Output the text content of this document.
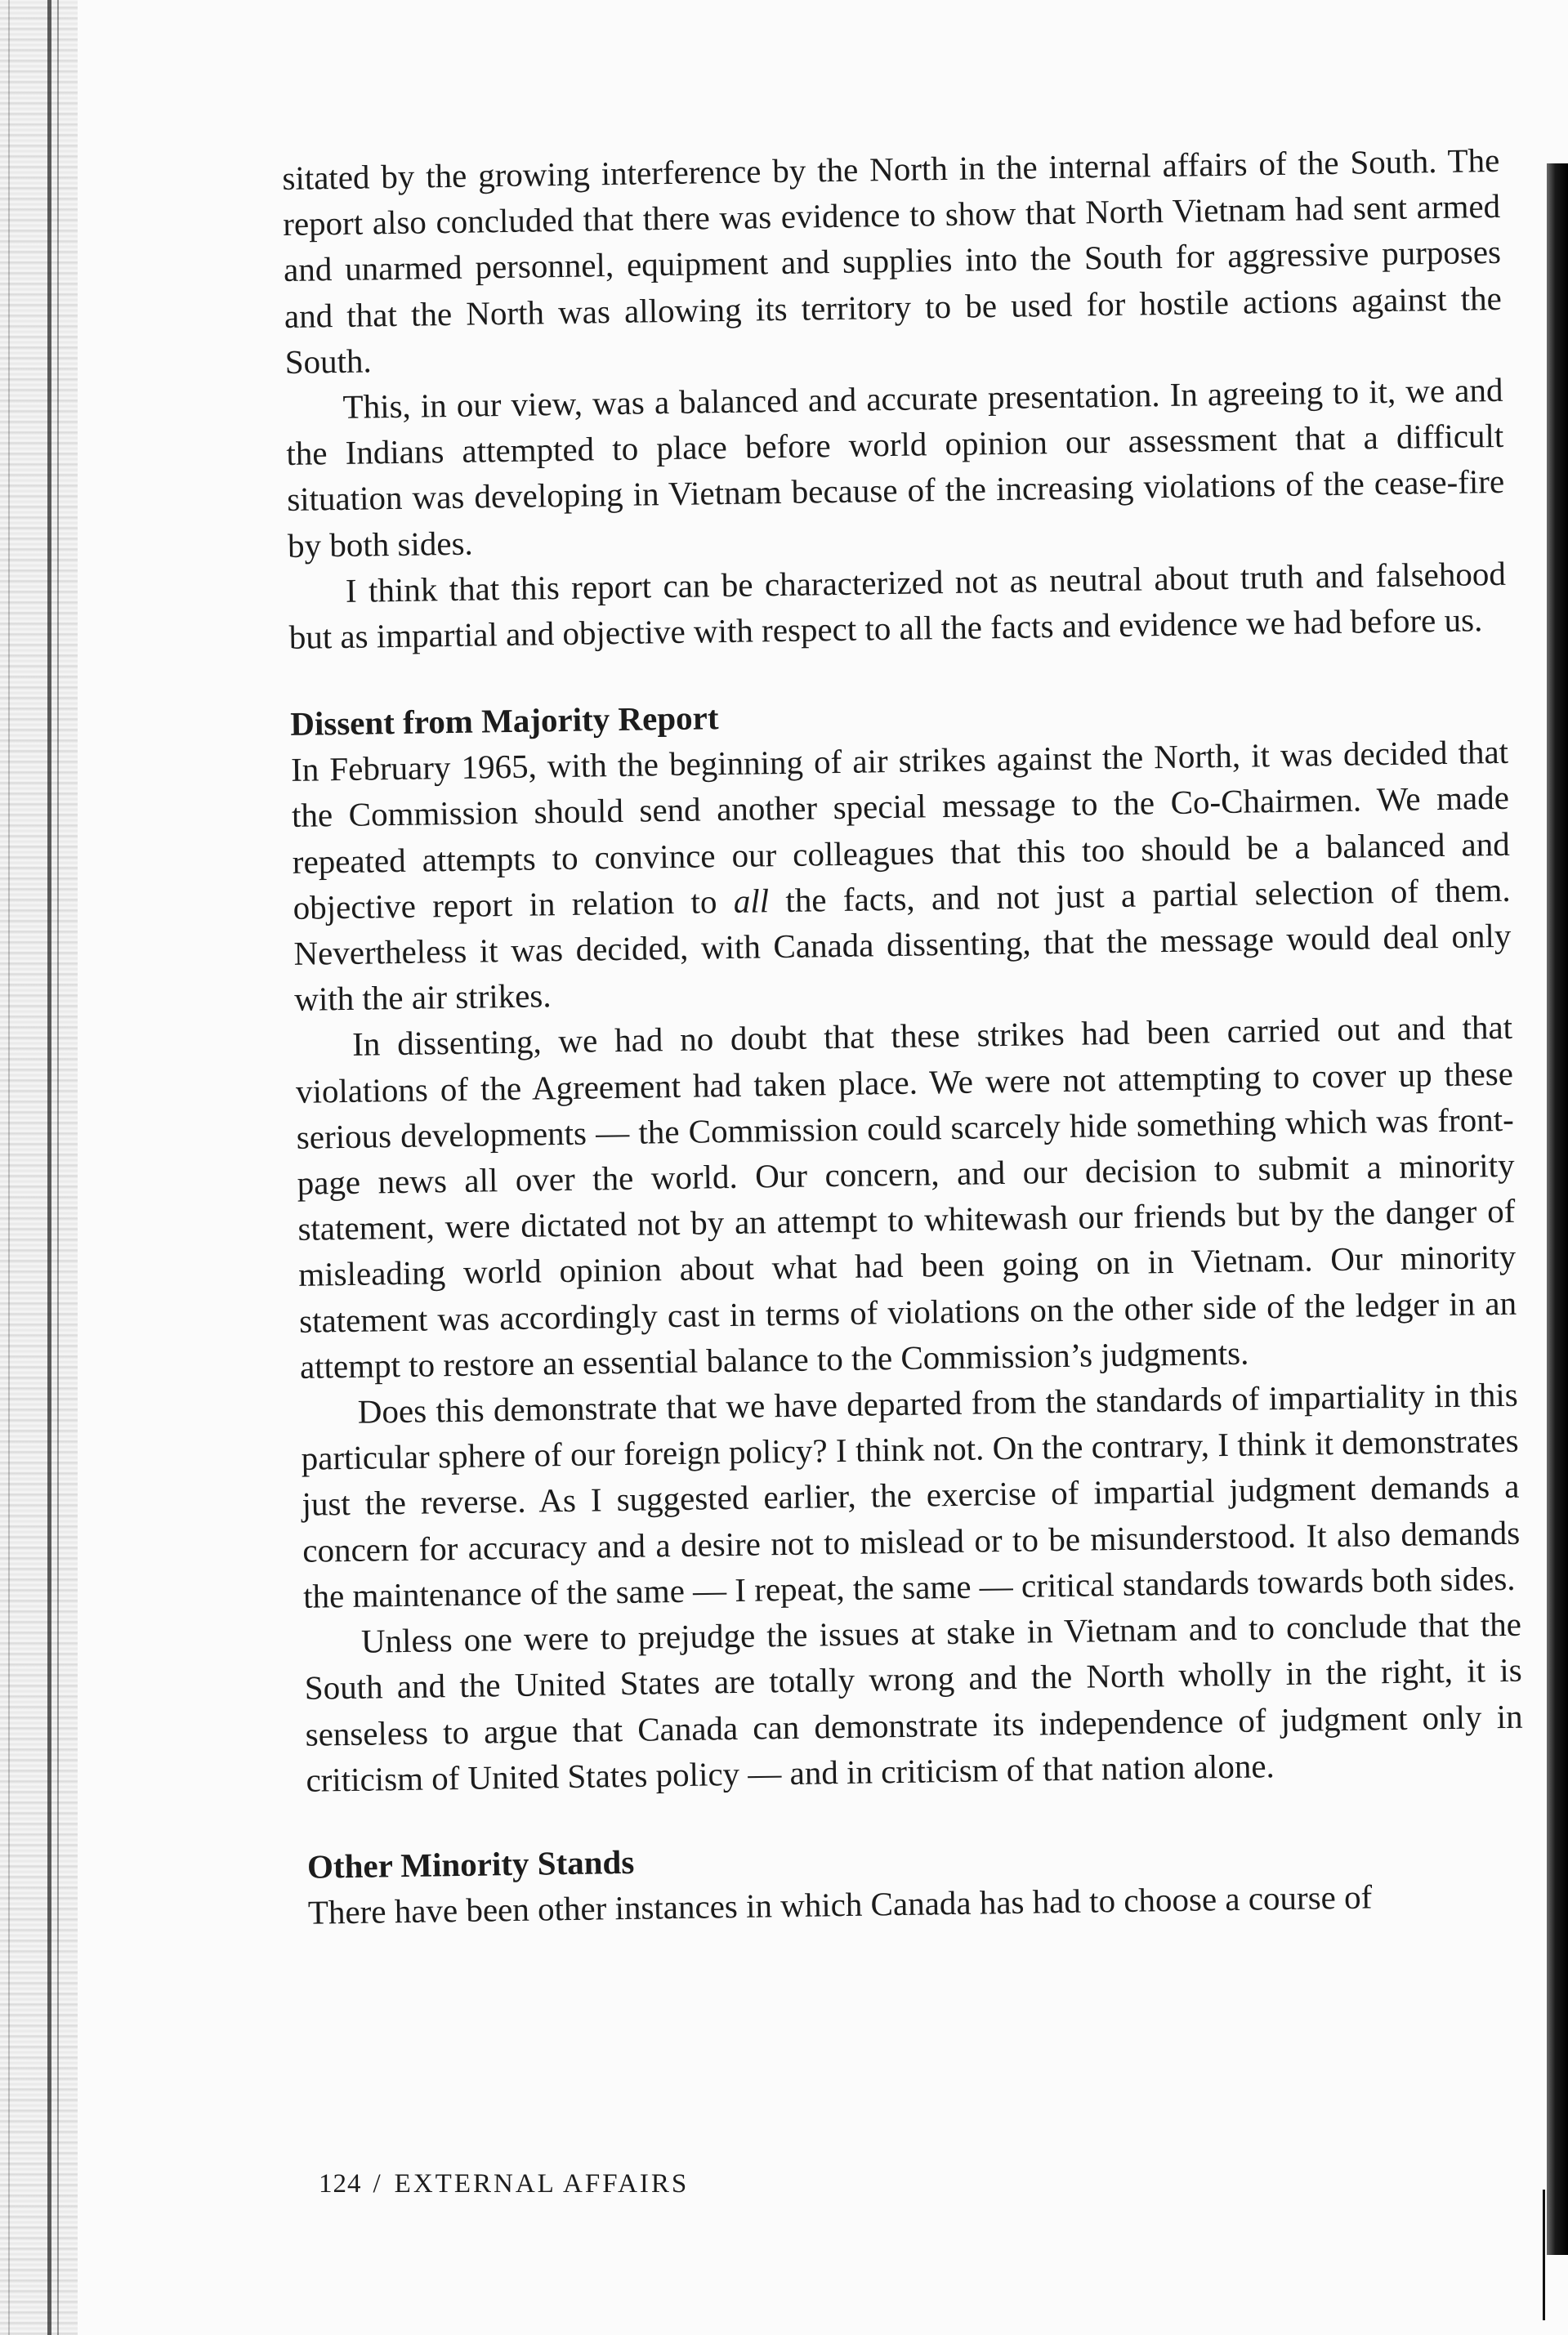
sitated by the growing interference by the North in the internal affairs of the South. The report also concluded that there was evidence to show that North Vietnam had sent armed and unarmed personnel, equipment and supplies into the South for aggressive purposes and that the North was allowing its territory to be used for hostile actions against the South.

This, in our view, was a balanced and accurate presentation. In agreeing to it, we and the Indians attempted to place before world opinion our assessment that a difficult situation was developing in Vietnam because of the increasing violations of the cease-fire by both sides.

I think that this report can be characterized not as neutral about truth and falsehood but as impartial and objective with respect to all the facts and evidence we had before us.

Dissent from Majority Report

In February 1965, with the beginning of air strikes against the North, it was decided that the Commission should send another special message to the Co-Chairmen. We made repeated attempts to convince our colleagues that this too should be a balanced and objective report in relation to all the facts, and not just a partial selection of them. Nevertheless it was decided, with Canada dissenting, that the message would deal only with the air strikes.

In dissenting, we had no doubt that these strikes had been carried out and that violations of the Agreement had taken place. We were not attempting to cover up these serious developments — the Commission could scarcely hide something which was front-page news all over the world. Our concern, and our decision to submit a minority statement, were dictated not by an attempt to whitewash our friends but by the danger of misleading world opinion about what had been going on in Vietnam. Our minority statement was accordingly cast in terms of violations on the other side of the ledger in an attempt to restore an essential balance to the Commission’s judgments.

Does this demonstrate that we have departed from the standards of impartiality in this particular sphere of our foreign policy? I think not. On the contrary, I think it demonstrates just the reverse. As I suggested earlier, the exercise of impartial judgment demands a concern for accuracy and a desire not to mislead or to be misunderstood. It also demands the maintenance of the same — I repeat, the same — critical standards towards both sides.

Unless one were to prejudge the issues at stake in Vietnam and to conclude that the South and the United States are totally wrong and the North wholly in the right, it is senseless to argue that Canada can demonstrate its independence of judgment only in criticism of United States policy — and in criticism of that nation alone.

Other Minority Stands

There have been other instances in which Canada has had to choose a course of

124 / EXTERNAL AFFAIRS
